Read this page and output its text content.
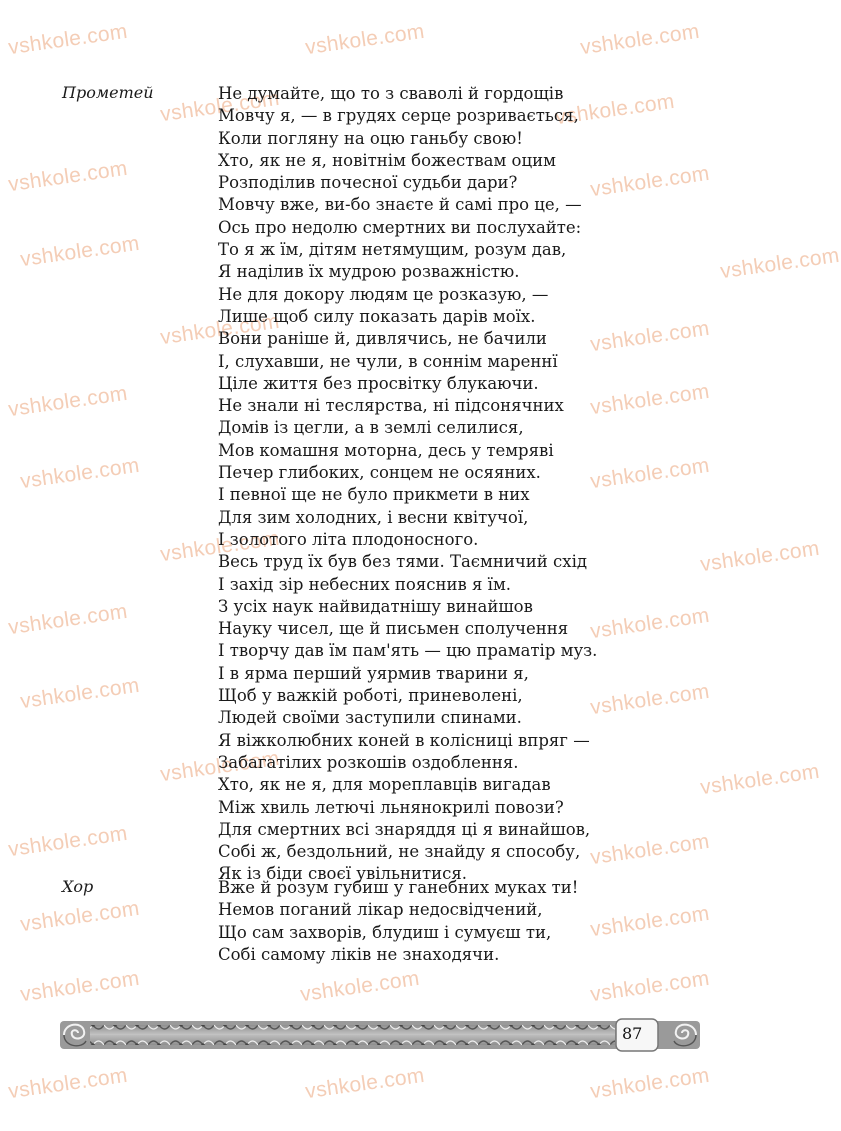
vshkole.com	vshkole.com	vshkole.com
vshkole.com	vshkole.com
vshkole.com	vshkole.com
vshkole.com	vshkole.com
vshkole.com	vshkole.com
vshkole.com	vshkole.com
vshkole.com	vshkole.com
vshkole.com	vshkole.com
vshkole.com	vshkole.com
vshkole.com	vshkole.com
vshkole.com	vshkole.com
vshkole.com	vshkole.com
vshkole.com	vshkole.com
vshkole.com	vshkole.com	vshkole.com
vshkole.com	vshkole.com	vshkole.com
Прометей	Не думайте, що то з сваволі й гордощів
Мовчу я, — в грудях серце розривається,
Коли погляну на оцю ганьбу свою!
Хто, як не я, новітнім божествам оцим
Розподілив почесної судьби дари?
Мовчу вже, ви-бо знаєте й самі про це, —
Ось про недолю смертних ви послухайте:
То я ж їм, дітям нетямущим, розум дав,
Я наділив їх мудрою розважністю.
Не для докору людям це розказую, —
Лише щоб силу показать дарів моїх.
Вони раніше й, дивлячись, не бачили
І, слухавши, не чули, в соннім мареннї
Ціле життя без просвітку блукаючи.
Не знали ні теслярства, ні підсонячних
Домів із цегли, а в землі селилися,
Мов комашня моторна, десь у темряві
Печер глибоких, сонцем не осяяних.
І певної ще не було прикмети в них
Для зим холодних, і весни квітучої,
І золотого літа плодоносного.
Весь труд їх був без тями. Таємничий схід
І захід зір небесних пояснив я їм.
З усіх наук найвидатнішу винайшов
Науку чисел, ще й письмен сполучення
І творчу дав їм пам'ять — цю праматір муз.
І в ярма перший уярмив тварини я,
Щоб у важкій роботі, приневолені,
Людей своїми заступили спинами.
Я віжколюбних коней в колісниці впряг —
Забагатілих розкошів оздоблення.
Хто, як не я, для мореплавців вигадав
Між хвиль летючі льнянокрилі повози?
Для смертних всі знаряддя ці я винайшов,
Собі ж, бездольний, не знайду я способу,
Як із біди своєї увільнитися.
Хор	Вже й розум губиш у ганебних муках ти!
Немов поганий лікар недосвідчений,
Що сам захворів, блудиш і сумуєш ти,
Собі самому ліків не знаходячи.
87
